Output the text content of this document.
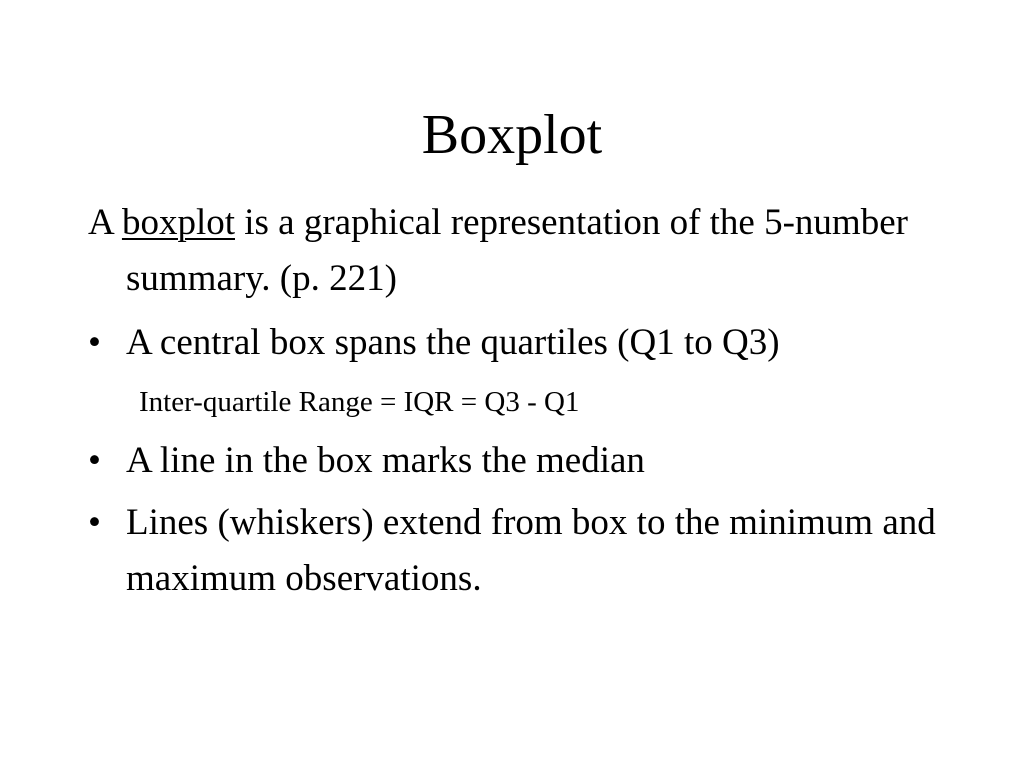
Boxplot

A boxplot is a graphical representation of the 5-number summary. (p. 221)

• A central box spans the quartiles (Q1 to Q3)
Inter-quartile Range = IQR = Q3 - Q1
• A line in the box marks the median
• Lines (whiskers) extend from box to the minimum and maximum observations.
